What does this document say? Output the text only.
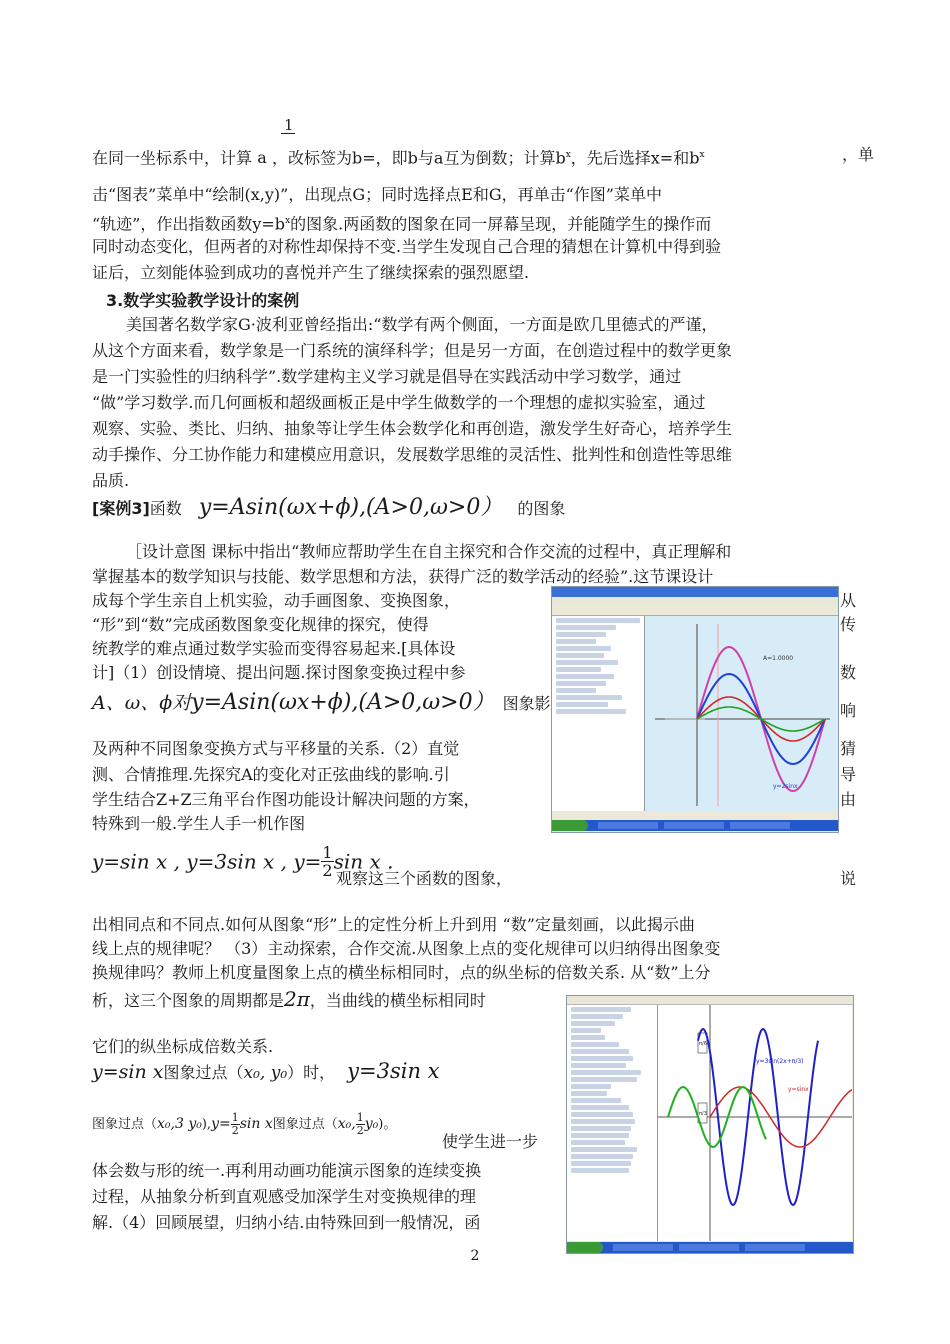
1
在同一坐标系中，计算 a ，改标签为b=，即b与a互为倒数；计算$b^x$，先后选择x=和$b^x$	，单
击“图表”菜单中“绘制(x,y)”，出现点G；同时选择点E和G，再单击“作图”菜单中
“轨迹”，作出指数函数$y=b^x$的图象.两函数的图象在同一屏幕呈现，并能随学生的操作而
同时动态变化，但两者的对称性却保持不变.当学生发现自己合理的猜想在计算机中得到验
证后，立刻能体验到成功的喜悦并产生了继续探索的强烈愿望.
3.数学实验教学设计的案例
美国著名数学家G·波利亚曾经指出:“数学有两个侧面，一方面是欧几里德式的严谨，
从这个方面来看，数学象是一门系统的演绎科学；但是另一方面，在创造过程中的数学更象
是一门实验性的归纳科学”.数学建构主义学习就是倡导在实践活动中学习数学，通过
“做”学习数学.而几何画板和超级画板正是中学生做数学的一个理想的虚拟实验室，通过
观察、实验、类比、归纳、抽象等让学生体会数学化和再创造，激发学生好奇心，培养学生
动手操作、分工协作能力和建模应用意识，发展数学思维的灵活性、批判性和创造性等思维
品质.
[案例3]函数 y=Asin(ωx+ϕ),(A>0,ω>0） 的图象
［设计意图 课标中指出“教师应帮助学生在自主探究和合作交流的过程中，真正理解和
掌握基本的数学知识与技能、数学思想和方法，获得广泛的数学活动的经验”.这节课设计
成每个学生亲自上机实验，动手画图象、变换图象，	从
“形”到“数”完成函数图象变化规律的探究，使得	传
统教学的难点通过数学实验而变得容易起来.[具体设
计]（1）创设情境、提出问题.探讨图象变换过程中参	数
A、ω、ϕ对y=Asin(ωx+ϕ),(A>0,ω>0） 图象影	响
及两种不同图象变换方式与平移量的关系.（2）直觉	猜
测、合情推理.先探究A的变化对正弦曲线的影响.引	导
学生结合Z+Z三角平台作图功能设计解决问题的方案，	由
特殊到一般.学生人手一机作图
y=sin x , y=3sin x , $y= \frac{1}{2}$ sin x .
观察这三个函数的图象，	说
出相同点和不同点.如何从图象“形”上的定性分析上升到用 “数”定量刻画，以此揭示曲
线上点的规律呢？ （3）主动探索，合作交流.从图象上点的变化规律可以归纳得出图象变
换规律吗？教师上机度量图象上点的横坐标相同时，点的纵坐标的倍数关系. 从“数”上分
析，这三个图象的周期都是2π，当曲线的横坐标相同时
它们的纵坐标成倍数关系.
y=sin x图象过点（x₀, y₀）时， y=3sin x
图象过点（x₀,3 $y_0),y= \frac{1}{2}$ sin x图象过点（x₀, $\frac{1}{2} y_0$)。
使学生进一步
体会数与形的统一.再利用动画功能演示图象的连续变换
过程，从抽象分析到直观感受加深学生对变换规律的理
解.（4）回顾展望，归纳小结.由特殊回到一般情况，函
A=1.0000
y=2sinx
y=3sin(2x+π/3)
y=sinx
π/6
π/3
2
